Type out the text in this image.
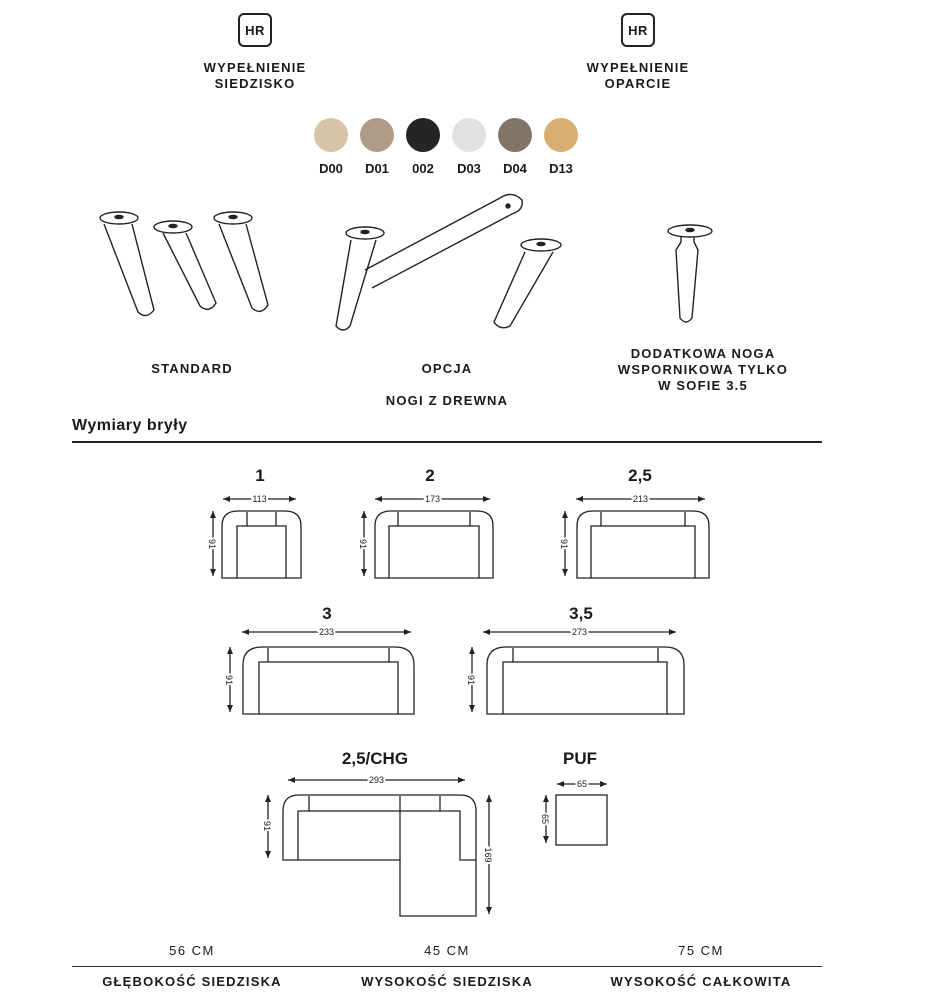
HR
WYPEŁNIENIE
SIEDZISKO
HR
WYPEŁNIENIE
OPARCIE
D00	D01	002	D03	D04	D13
STANDARD	OPCJA
DODATKOWA NOGA
WSPORNIKOWA TYLKO
W SOFIE 3.5
NOGI Z DREWNA
Wymiary bryły
1	2	2,5
3	3,5
2,5/CHG	PUF
113
91
173
91
213
91
233
91
273
91
293
91
169
65
65
56 CM	45 CM	75 CM
GŁĘBOKOŚĆ SIEDZISKA	WYSOKOŚĆ SIEDZISKA	WYSOKOŚĆ CAŁKOWITA
